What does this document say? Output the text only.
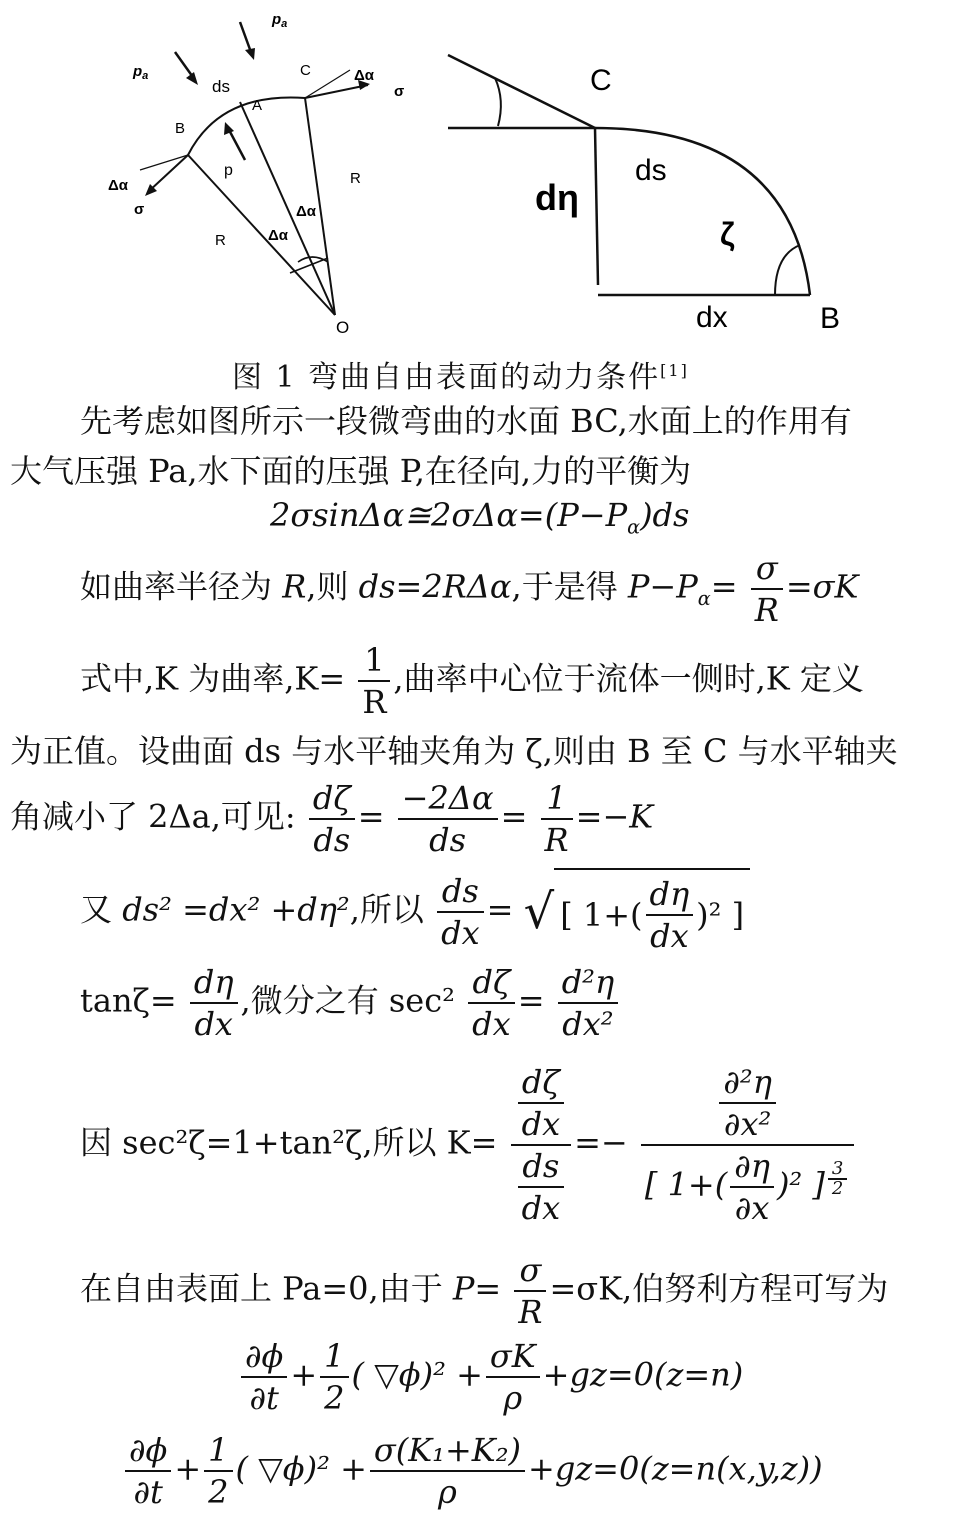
$p_a$
$p_a$
ds
A
B
C	Δα
σ
Δα
σ
p	R
R
Δα
Δα
O
C
ds
dη
ζ
dx	B
图 1 弯曲自由表面的动力条件[1]
先考虑如图所示一段微弯曲的水面 BC,水面上的作用有
大气压强 Pa,水下面的压强 P,在径向,力的平衡为
$2\sigma\sin\Delta\alpha≅2\sigma\Delta\alpha=(P-P_\alpha)ds$
如曲率半径为 R,则 ds=2RΔα,于是得 $P-P_\alpha= \frac{\sigma}{R} =\sigma K$
式中,K 为曲率$,K= \frac{1}{R}$ ,曲率中心位于流体一侧时,K 定义
为正值。设曲面 ds 与水平轴夹角为 ζ,则由 B 至 C 与水平轴夹
角减小了 2Δa,可见: $\frac{d\zeta}{ds} = \frac{-2\Delta\alpha}{ds} = \frac{1}{R} =-K$
又 ds² =dx² +dη²,所以 $\frac{ds}{dx}$ = √ [ $1+( \frac{d\eta}{dx} )^2$ ]
$\tan\zeta= \frac{d\eta}{dx}$ ,微分之有 $\sec^2 \frac{d\zeta}{dx} = \frac{\text{d²η}}{\text{dx²}}$
因 sec²ζ=1+tan²ζ,所以 $K= \frac{\frac{d\zeta}{dx}}{\frac{ds}{dx}} =- \frac{\text{∂²η}}{\text{∂x²}}$
[ $1+( \frac{\partial\eta}{\partial x} )^2$ ] $^{\frac{3}{2}}$
在自由表面上 Pa=0,由于 $P= \frac{\sigma}{R} =\sigma K$,伯努利方程可写为
$\frac{\partial\phi}{\partial t} + \frac{1}{2}$ ( ▽ϕ)² + $\frac{\sigma K}{\rho} +gz=0(z=n)$
$\frac{\partial\phi}{\partial t} + \frac{1}{2}$ ( ▽ϕ)² + $\frac{\text{σ(K₁+K₂)}}{\rho} +gz=0(z=n(x,y,z))$
